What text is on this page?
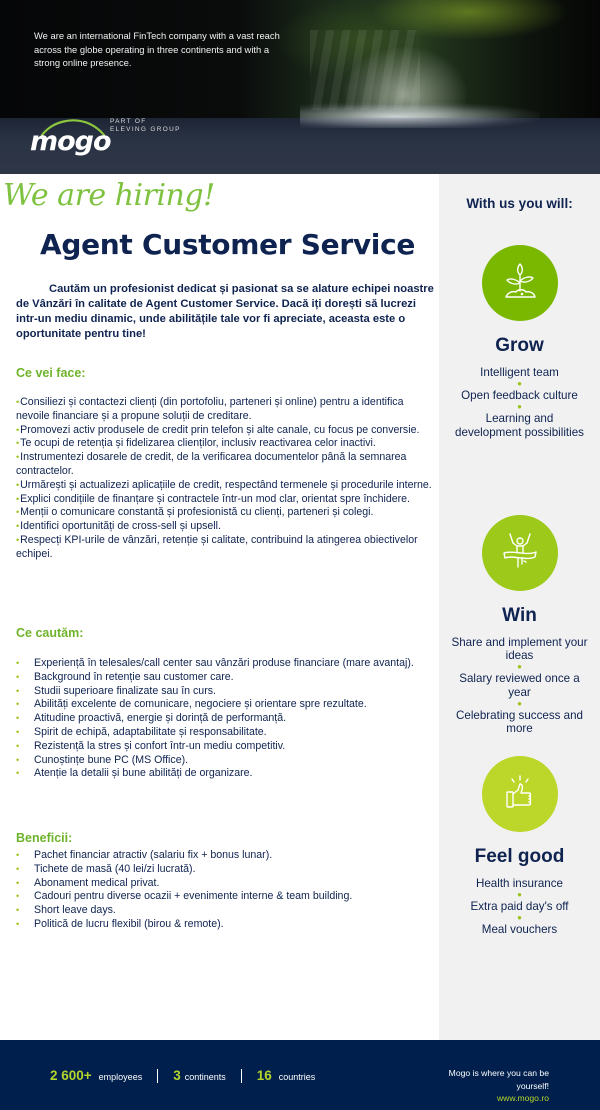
We are an international FinTech company with a vast reach across the globe operating in three continents and with a strong online presence.

mogo
PART OF
ELEVING GROUP
We are hiring!
Agent Customer Service

Cautăm un profesionist dedicat și pasionat sa se alature echipei noastre de Vânzări în calitate de Agent Customer Service. Dacă iți dorești să lucrezi intr-un mediu dinamic, unde abilitățile tale vor fi apreciate, aceasta este o oportunitate pentru tine!

Ce vei face:
•Consiliezi și contactezi clienți (din portofoliu, parteneri și online) pentru a identifica nevoile financiare și a propune soluții de creditare.
•Promovezi activ produsele de credit prin telefon și alte canale, cu focus pe conversie.
•Te ocupi de retenția și fidelizarea clienților, inclusiv reactivarea celor inactivi.
•Instrumentezi dosarele de credit, de la verificarea documentelor până la semnarea contractelor.
•Urmărești și actualizezi aplicațiile de credit, respectând termenele și procedurile interne.
•Explici condițiile de finanțare și contractele într-un mod clar, orientat spre închidere.
•Menții o comunicare constantă și profesionistă cu clienți, parteneri și colegi.
•Identifici oportunități de cross-sell și upsell.
•Respecți KPI-urile de vânzări, retenție și calitate, contribuind la atingerea obiectivelor echipei.
Ce cautăm:
• Experiență în telesales/call center sau vânzări produse financiare (mare avantaj).
• Background în retenție sau customer care.
• Studii superioare finalizate sau în curs.
• Abilități excelente de comunicare, negociere și orientare spre rezultate.
• Atitudine proactivă, energie și dorință de performanță.
• Spirit de echipă, adaptabilitate și responsabilitate.
• Rezistență la stres și confort într-un mediu competitiv.
• Cunoștințe bune PC (MS Office).
• Atenție la detalii și bune abilități de organizare.
Beneficii:
• Pachet financiar atractiv (salariu fix + bonus lunar).
• Tichete de masă (40 lei/zi lucrată).
• Abonament medical privat.
• Cadouri pentru diverse ocazii + evenimente interne & team building.
• Short leave days.
• Politică de lucru flexibil (birou & remote).
With us you will:
Grow
Intelligent team
●
Open feedback culture
●
Learning and development possibilities
Win
Share and implement your ideas
●
Salary reviewed once a year
●
Celebrating success and more
Feel good
Health insurance
●
Extra paid day's off
●
Meal vouchers
2 600+ employees 3 continents 16 countries	Mogo is where you can be yourself!
www.mogo.ro
